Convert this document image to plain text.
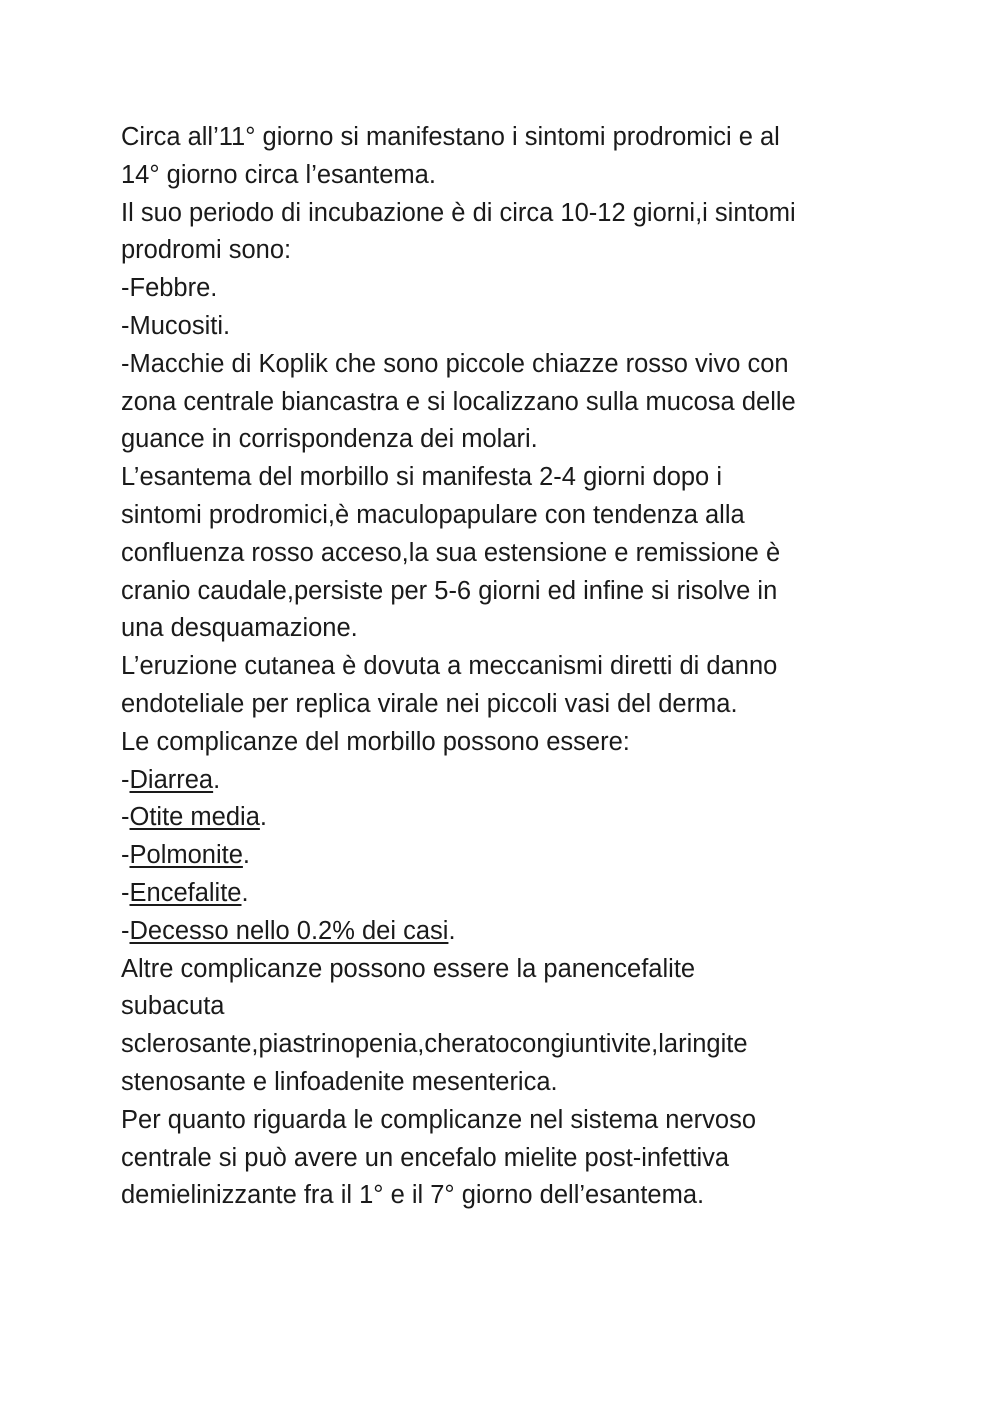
Circa all’11° giorno si manifestano i sintomi prodromici e al
14° giorno circa l’esantema.
Il suo periodo di incubazione è di circa 10-12 giorni,i sintomi
prodromi sono:
-Febbre.
-Mucositi.
-Macchie di Koplik che sono piccole chiazze rosso vivo con
zona centrale biancastra e si localizzano sulla mucosa delle
guance in corrispondenza dei molari.
L’esantema del morbillo si manifesta 2-4 giorni dopo i
sintomi prodromici,è maculopapulare con tendenza alla
confluenza rosso acceso,la sua estensione e remissione è
cranio caudale,persiste per 5-6 giorni ed infine si risolve in
una desquamazione.
L’eruzione cutanea è dovuta a meccanismi diretti di danno
endoteliale per replica virale nei piccoli vasi del derma.
Le complicanze del morbillo possono essere:
-Diarrea.
-Otite media.
-Polmonite.
-Encefalite.
-Decesso nello 0.2% dei casi.
Altre complicanze possono essere la panencefalite
subacuta
sclerosante,piastrinopenia,cheratocongiuntivite,laringite
stenosante e linfoadenite mesenterica.
Per quanto riguarda le complicanze nel sistema nervoso
centrale si può avere un encefalo mielite post-infettiva
demielinizzante fra il 1° e il 7° giorno dell’esantema.
